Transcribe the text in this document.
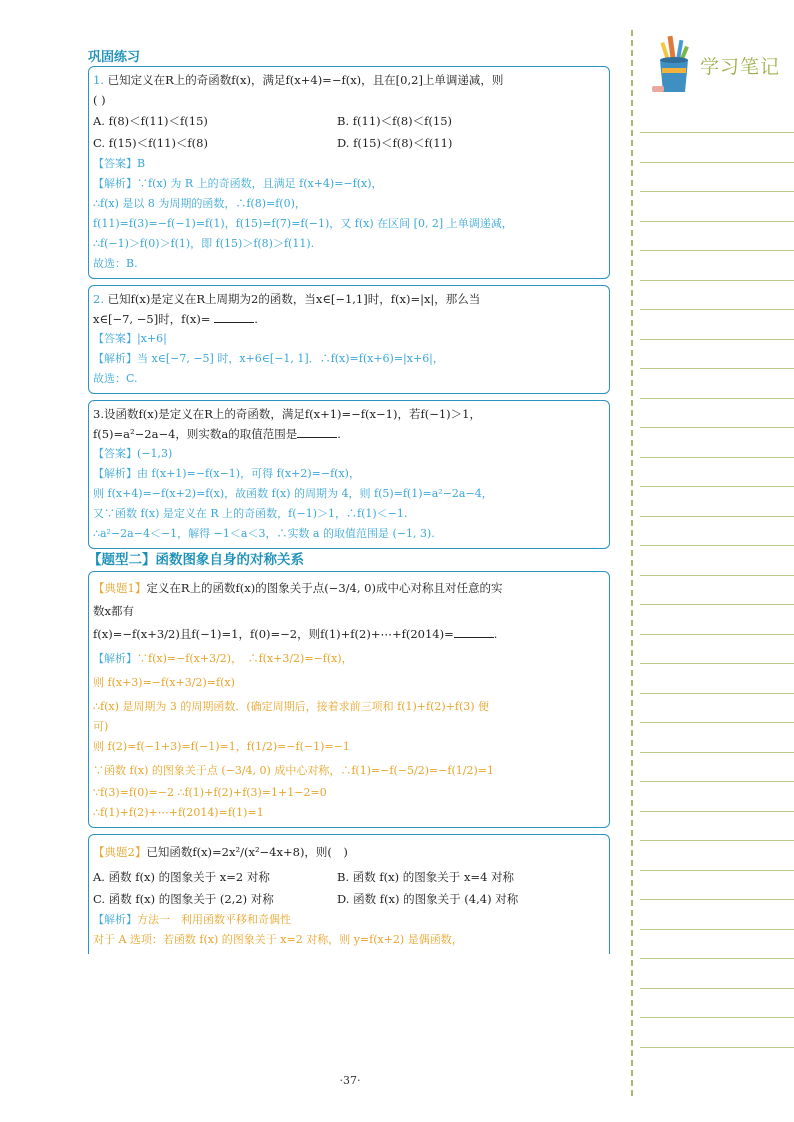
巩固练习
1. 已知定义在R上的奇函数f(x)，满足f(x+4)=−f(x)，且在[0,2]上单调递减，则
( )
A. f(8)＜f(11)＜f(15)	B. f(11)＜f(8)＜f(15)
C. f(15)＜f(11)＜f(8)	D. f(15)＜f(8)＜f(11)
【答案】B
【解析】∵f(x) 为 R 上的奇函数，且满足 f(x+4)=−f(x)，
∴f(x) 是以 8 为周期的函数，∴f(8)=f(0)，
f(11)=f(3)=−f(−1)=f(1)，f(15)=f(7)=f(−1)，又 f(x) 在区间 [0, 2] 上单调递减，
∴f(−1)＞f(0)＞f(1)，即 f(15)＞f(8)＞f(11).
故选：B.
2. 已知f(x)是定义在R上周期为2的函数，当x∈[−1,1]时，f(x)=|x|，那么当
x∈[−7, −5]时，f(x)=	.
【答案】|x+6|
【解析】当 x∈[−7, −5] 时，x+6∈[−1, 1]．∴f(x)=f(x+6)=|x+6|，
故选：C.
3.设函数f(x)是定义在R上的奇函数，满足f(x+1)=−f(x−1)，若f(−1)＞1，
f(5)=a²−2a−4，则实数a的取值范围是	.
【答案】(−1,3)
【解析】由 f(x+1)=−f(x−1)，可得 f(x+2)=−f(x)，
则 f(x+4)=−f(x+2)=f(x)，故函数 f(x) 的周期为 4，则 f(5)=f(1)=a²−2a−4，
又∵函数 f(x) 是定义在 R 上的奇函数，f(−1)＞1，∴f(1)＜−1.
∴a²−2a−4＜−1，解得 −1＜a＜3，∴实数 a 的取值范围是 (−1, 3).
【题型二】函数图象自身的对称关系
【典题1】定义在R上的函数f(x)的图象关于点(−3/4, 0)成中心对称且对任意的实
数x都有
f(x)=−f(x+3/2)且f(−1)=1，f(0)=−2，则f(1)+f(2)+⋯+f(2014)=	.
【解析】∵f(x)=−f(x+3/2)，　∴f(x+3/2)=−f(x)，
则 f(x+3)=−f(x+3/2)=f(x)
∴f(x) 是周期为 3 的周期函数．(确定周期后，接着求前三项和 f(1)+f(2)+f(3) 便
可)
则 f(2)=f(−1+3)=f(−1)=1，f(1/2)=−f(−1)=−1
∵函数 f(x) 的图象关于点 (−3/4, 0) 成中心对称，∴f(1)=−f(−5/2)=−f(1/2)=1
∵f(3)=f(0)=−2 ∴f(1)+f(2)+f(3)=1+1−2=0
∴f(1)+f(2)+⋯+f(2014)=f(1)=1
【典题2】已知函数f(x)=2x²/(x²−4x+8)，则(　)
A. 函数 f(x) 的图象关于 x=2 对称	B. 函数 f(x) 的图象关于 x=4 对称
C. 函数 f(x) 的图象关于 (2,2) 对称	D. 函数 f(x) 的图象关于 (4,4) 对称
【解析】方法一　利用函数平移和奇偶性
对于 A 选项：若函数 f(x) 的图象关于 x=2 对称，则 y=f(x+2) 是偶函数，
学习笔记
·37·
